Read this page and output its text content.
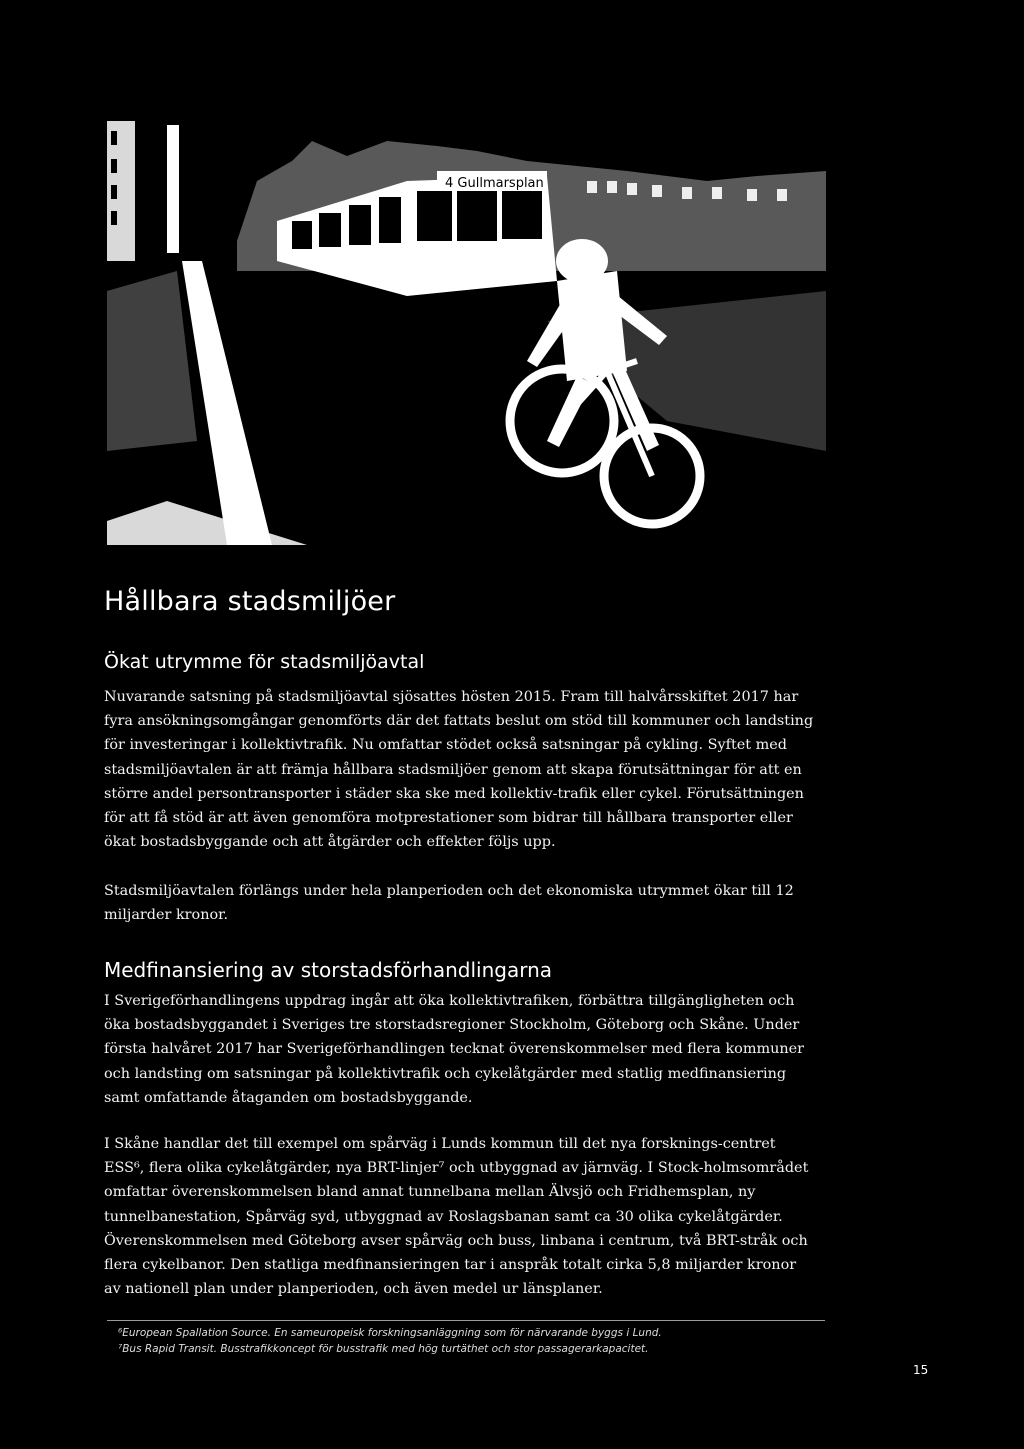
4 Gullmarsplan
Hållbara stadsmiljöer
Ökat utrymme för stadsmiljöavtal

Nuvarande satsning på stadsmiljöavtal sjösattes hösten 2015. Fram till halvårsskiftet 2017 har fyra ansökningsomgångar genomförts där det fattats beslut om stöd till kommuner och landsting för investeringar i kollektivtrafik. Nu omfattar stödet också satsningar på cykling. Syftet med stadsmiljöavtalen är att främja hållbara stadsmiljöer genom att skapa förutsättningar för att en större andel persontransporter i städer ska ske med kollektiv-trafik eller cykel. Förutsättningen för att få stöd är att även genomföra motprestationer som bidrar till hållbara transporter eller ökat bostadsbyggande och att åtgärder och effekter följs upp.

Stadsmiljöavtalen förlängs under hela planperioden och det ekonomiska utrymmet ökar till 12 miljarder kronor.

Medfinansiering av storstadsförhandlingarna

I Sverigeförhandlingens uppdrag ingår att öka kollektivtrafiken, förbättra tillgängligheten och öka bostadsbyggandet i Sveriges tre storstadsregioner Stockholm, Göteborg och Skåne. Under första halvåret 2017 har Sverigeförhandlingen tecknat överenskommelser med flera kommuner och landsting om satsningar på kollektivtrafik och cykelåtgärder med statlig medfinansiering samt omfattande åtaganden om bostadsbyggande.

I Skåne handlar det till exempel om spårväg i Lunds kommun till det nya forsknings-centret ESS⁶, flera olika cykelåtgärder, nya BRT-linjer⁷ och utbyggnad av järnväg. I Stock-holmsområdet omfattar överenskommelsen bland annat tunnelbana mellan Älvsjö och Fridhemsplan, ny tunnelbanestation, Spårväg syd, utbyggnad av Roslagsbanan samt ca 30 olika cykelåtgärder. Överenskommelsen med Göteborg avser spårväg och buss, linbana i centrum, två BRT-stråk och flera cykelbanor. Den statliga medfinansieringen tar i anspråk totalt cirka 5,8 miljarder kronor av nationell plan under planperioden, och även medel ur länsplaner.

⁶European Spallation Source. En sameuropeisk forskningsanläggning som för närvarande byggs i Lund.

⁷Bus Rapid Transit. Busstrafikkoncept för busstrafik med hög turtäthet och stor passagerarkapacitet.

15
